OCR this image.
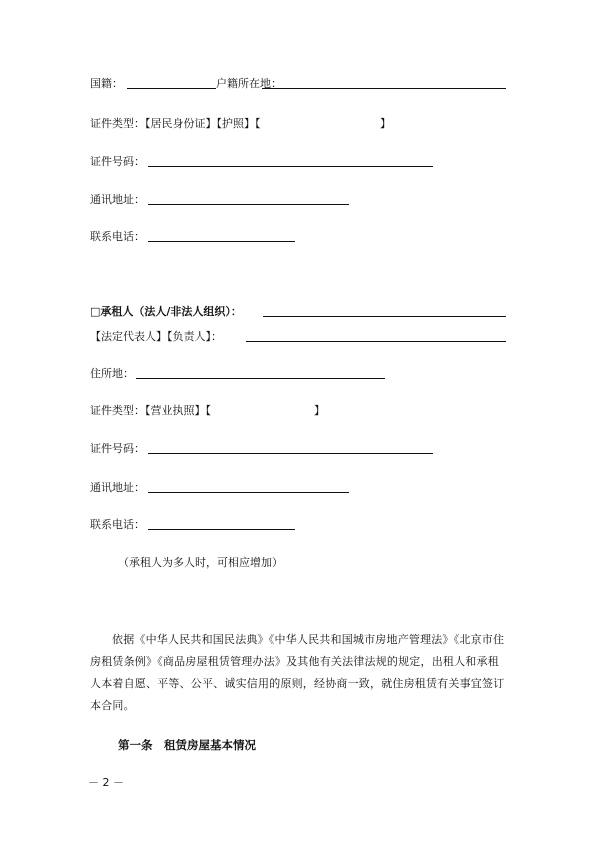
国籍：	户籍所在地：
证件类型：【居民身份证】【护照】【	】
证件号码：
通讯地址：
联系电话：
□承租人（法人/非法人组织）：
【法定代表人】【负责人】：
住所地：
证件类型：【营业执照】【	】
证件号码：
通讯地址：
联系电话：
（承租人为多人时，可相应增加）
依据《中华人民共和国民法典》《中华人民共和国城市房地产管理法》《北京市住房租赁条例》《商品房屋租赁管理办法》及其他有关法律法规的规定，出租人和承租人本着自愿、平等、公平、诚实信用的原则，经协商一致，就住房租赁有关事宜签订本合同。
第一条　租赁房屋基本情况
－ 2 －
